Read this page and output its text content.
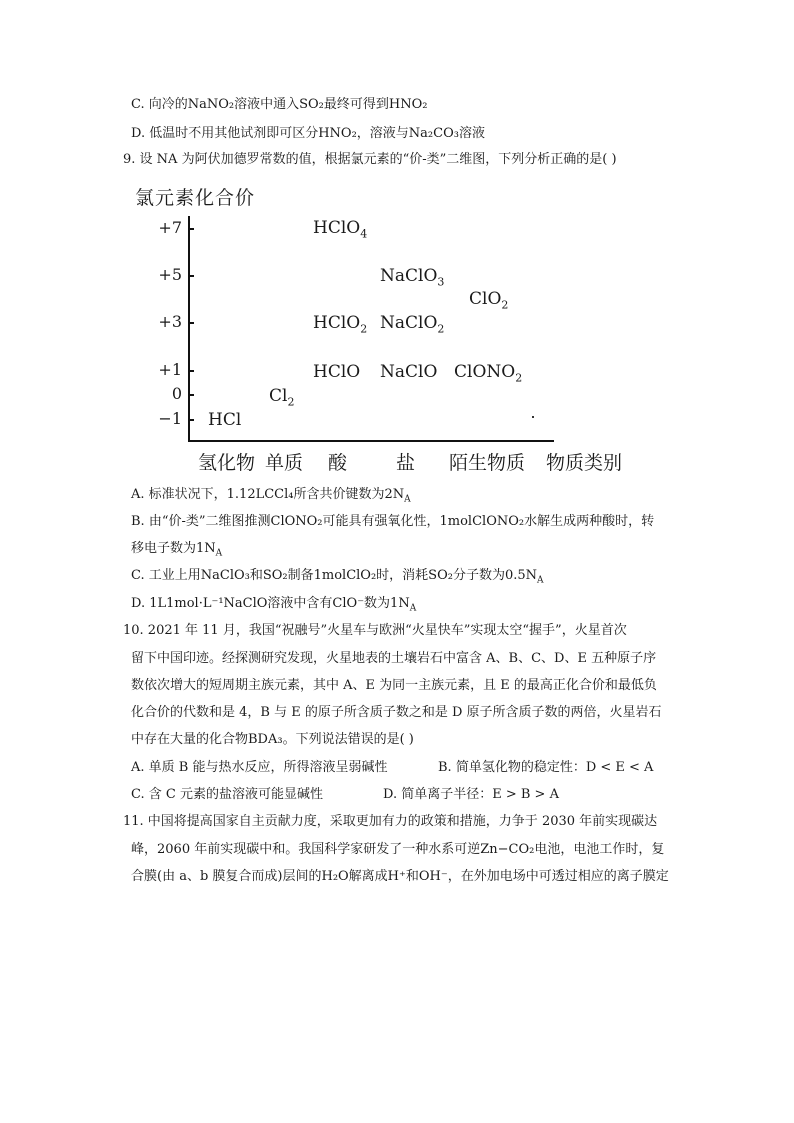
C. 向冷的NaNO₂溶液中通入SO₂最终可得到HNO₂
D. 低温时不用其他试剂即可区分HNO₂，溶液与Na₂CO₃溶液
9. 设 NA 为阿伏加德罗常数的值，根据氯元素的“价-类”二维图，下列分析正确的是( )
氯元素化合价
+7
+5
+3
+1
0
−1 HCl
$Cl_2$
HClO NaClO ClONO$_2$
HClO$_2$ NaClO$_2$
ClO$_2$
NaClO$_3$
HClO$_4$
氢化物 单质 酸	盐 陌生物质 物质类别
A. 标准状况下，1.12LCCl₄所含共价键数为$2N_A$
B. 由“价-类”二维图推测ClONO₂可能具有强氧化性，1molClONO₂水解生成两种酸时，转
移电子数为$1N_A$
C. 工业上用NaClO₃和SO₂制备1molClO₂时，消耗SO₂分子数为$0.5N_A$
D. 1L1mol·L⁻¹NaClO溶液中含有ClO⁻数为$1N_A$
10. 2021 年 11 月，我国“祝融号”火星车与欧洲“火星快车”实现太空“握手”，火星首次
留下中国印迹。经探测研究发现，火星地表的土壤岩石中富含 A、B、C、D、E 五种原子序
数依次增大的短周期主族元素，其中 A、E 为同一主族元素，且 E 的最高正化合价和最低负
化合价的代数和是 4，B 与 E 的原子所含质子数之和是 D 原子所含质子数的两倍，火星岩石
中存在大量的化合物BDA₃。下列说法错误的是( )
A. 单质 B 能与热水反应，所得溶液呈弱碱性	B. 简单氢化物的稳定性：D < E < A
C. 含 C 元素的盐溶液可能显碱性	D. 简单离子半径：E > B > A
11. 中国将提高国家自主贡献力度，采取更加有力的政策和措施，力争于 2030 年前实现碳达
峰，2060 年前实现碳中和。我国科学家研发了一种水系可逆Zn−CO₂电池，电池工作时，复
合膜(由 a、b 膜复合而成)层间的H₂O解离成H⁺和OH⁻，在外加电场中可透过相应的离子膜定
